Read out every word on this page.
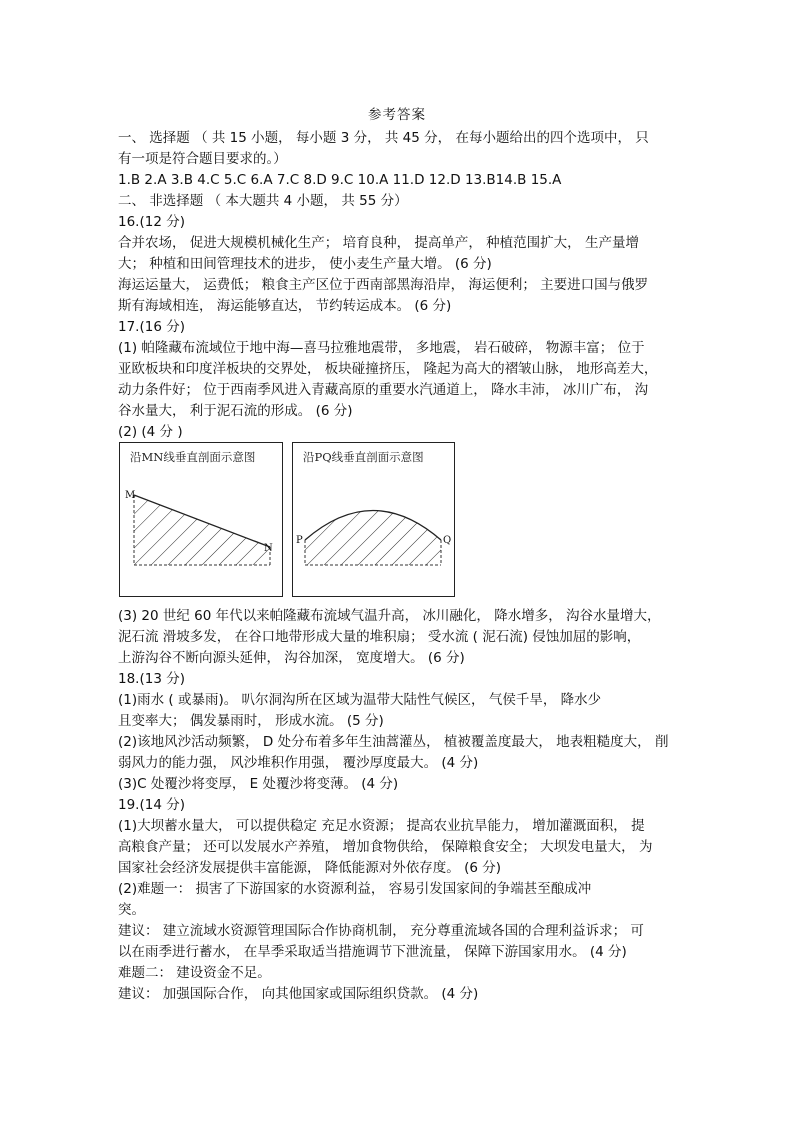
参考答案
一、 选择题 （ 共 15 小题， 每小题 3 分， 共 45 分， 在每小题给出的四个选项中， 只
有一项是符合题目要求的。）
1.B 2.A 3.B 4.C 5.C 6.A 7.C 8.D 9.C 10.A 11.D 12.D 13.B14.B 15.A
二、 非选择题 （ 本大题共 4 小题， 共 55 分）
16.(12 分)
合并农场， 促进大规模机械化生产； 培育良种， 提高单产， 种植范围扩大， 生产量增
大； 种植和田间管理技术的进步， 使小麦生产量大增。 (6 分)
海运运量大， 运费低； 粮食主产区位于西南部黑海沿岸， 海运便利； 主要进口国与俄罗
斯有海域相连， 海运能够直达， 节约转运成本。 (6 分)
17.(16 分)
(1) 帕隆藏布流域位于地中海—喜马拉雅地震带， 多地震， 岩石破碎， 物源丰富； 位于
亚欧板块和印度洋板块的交界处， 板块碰撞挤压， 隆起为高大的褶皱山脉， 地形高差大，
动力条件好； 位于西南季风进入青藏高原的重要水汽通道上， 降水丰沛， 冰川广布， 沟
谷水量大， 利于泥石流的形成。 (6 分)
(2) (4 分 )
沿MN线垂直剖面示意图
M
N
沿PQ线垂直剖面示意图
P	Q
(3) 20 世纪 60 年代以来帕隆藏布流域气温升高， 冰川融化， 降水增多， 沟谷水量增大，
泥石流 滑坡多发， 在谷口地带形成大量的堆积扇； 受水流 ( 泥石流) 侵蚀加屈的影响，
上游沟谷不断向源头延伸， 沟谷加深， 宽度增大。 (6 分)
18.(13 分)
(1)雨水 ( 或暴雨)。 叭尔洞沟所在区域为温带大陆性气候区， 气侯千旱， 降水少
且变率大； 偶发暴雨时， 形成水流。 (5 分)
(2)该地风沙活动频繁， D 处分布着多年生油蒿灌丛， 植被覆盖度最大， 地表粗糙度大， 削
弱风力的能力强， 风沙堆积作用强， 覆沙厚度最大。 (4 分)
(3)C 处覆沙将变厚， E 处覆沙将变薄。 (4 分)
19.(14 分)
(1)大坝蓄水量大， 可以提供稳定 充足水资源； 提高农业抗旱能力， 增加灌溉面积， 提
高粮食产量； 还可以发展水产养殖， 增加食物供给， 保障粮食安全； 大坝发电量大， 为
国家社会经济发展提供丰富能源， 降低能源对外依存度。 (6 分)
(2)难题一： 损害了下游国家的水资源利益， 容易引发国家间的争端甚至酿成冲
突。
建议： 建立流域水资源管理国际合作协商机制， 充分尊重流域各国的合理利益诉求； 可
以在雨季进行蓄水， 在旱季采取适当措施调节下泄流量， 保障下游国家用水。 (4 分)
难题二： 建设资金不足。
建议： 加强国际合作， 向其他国家或国际组织贷款。 (4 分)
